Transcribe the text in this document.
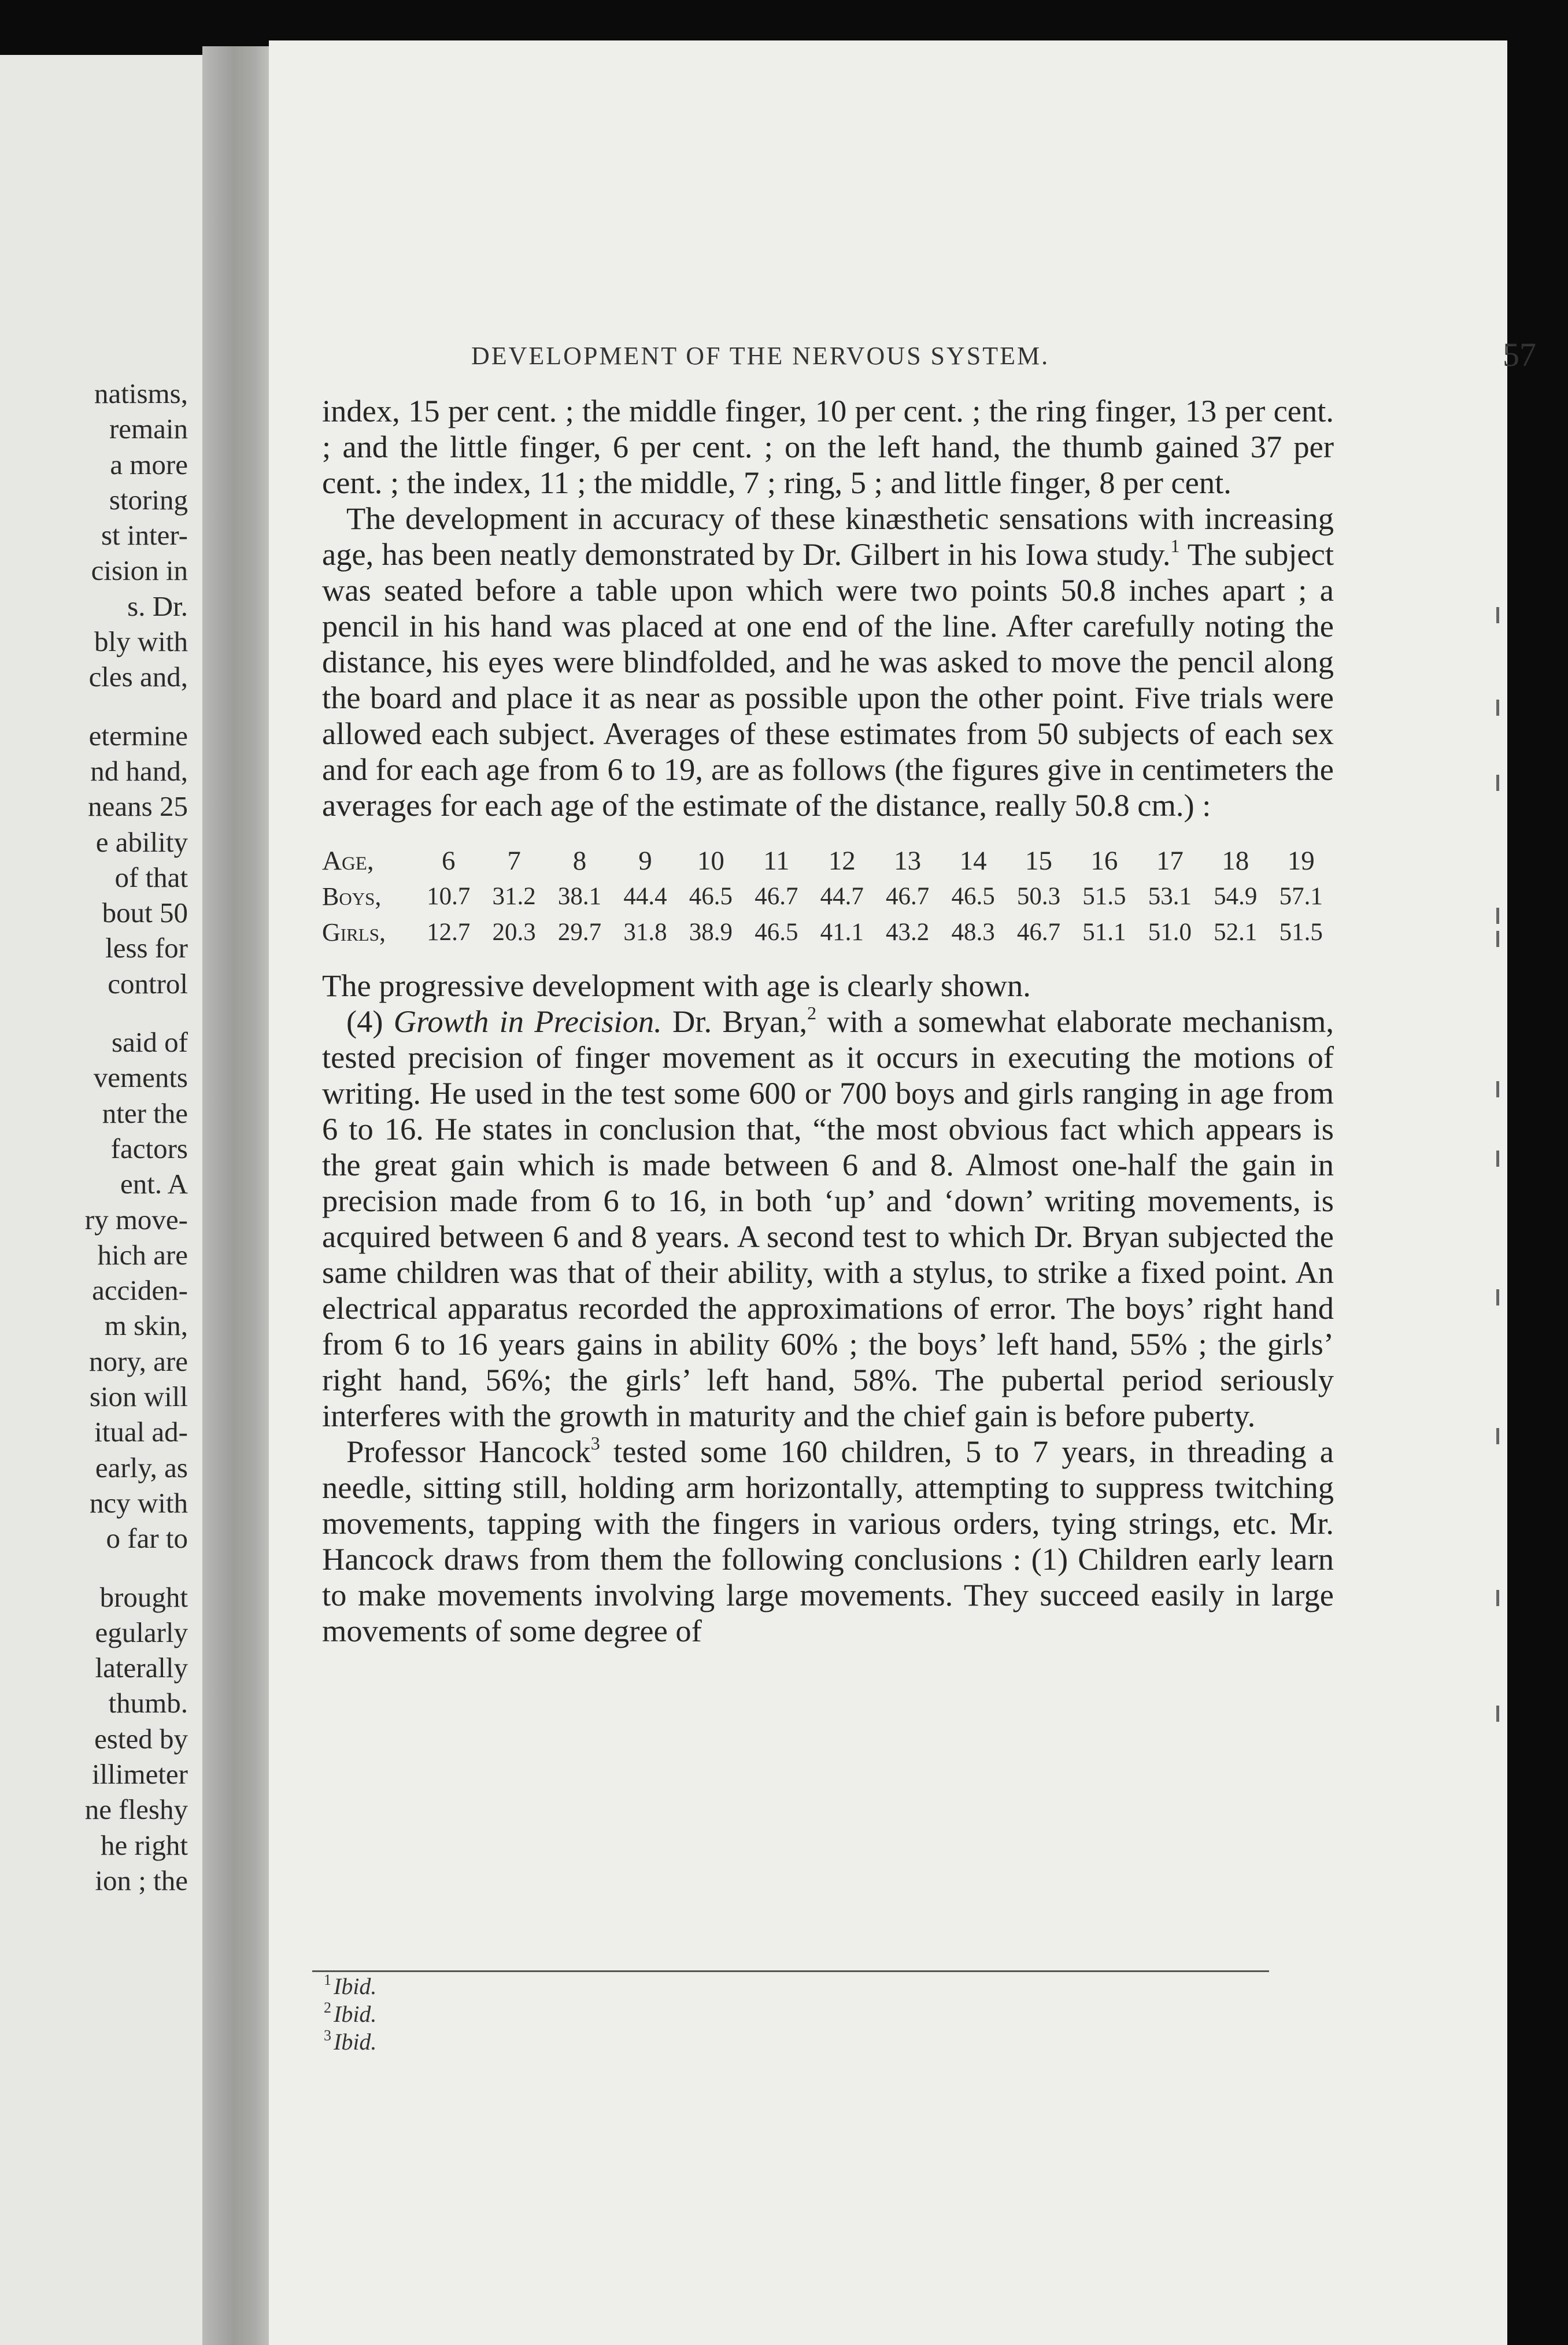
natisms,
remain
a more
storing
st inter-
cision in
s. Dr.
bly with
cles and,
etermine
nd hand,
neans 25
e ability
of that
bout 50
less for
control
said of
vements
nter the
factors
ent. A
ry move-
hich are
acciden-
m skin,
nory, are
sion will
itual ad-
early, as
ncy with
o far to
brought
egularly
laterally
thumb.
ested by
illimeter
ne fleshy
he right
ion ; the
DEVELOPMENT OF THE NERVOUS SYSTEM.	57

index, 15 per cent. ; the middle finger, 10 per cent. ; the ring finger, 13 per cent. ; and the little finger, 6 per cent. ; on the left hand, the thumb gained 37 per cent. ; the index, 11 ; the middle, 7 ; ring, 5 ; and little finger, 8 per cent.

The development in accuracy of these kinæsthetic sensations with increasing age, has been neatly demonstrated by Dr. Gilbert in his Iowa study.$^1$ The subject was seated before a table upon which were two points 50.8 inches apart ; a pencil in his hand was placed at one end of the line. After carefully noting the distance, his eyes were blindfolded, and he was asked to move the pencil along the board and place it as near as possible upon the other point. Five trials were allowed each subject. Averages of these estimates from 50 subjects of each sex and for each age from 6 to 19, are as follows (the figures give in centimeters the averages for each age of the estimate of the distance, really 50.8 cm.) :

Age,	6	7	8	9	10	11	12	13	14	15	16	17	18	19
Boys,	10.7	31.2	38.1	44.4	46.5	46.7	44.7	46.7	46.5	50.3	51.5	53.1	54.9	57.1
Girls,	12.7	20.3	29.7	31.8	38.9	46.5	41.1	43.2	48.3	46.7	51.1	51.0	52.1	51.5

The progressive development with age is clearly shown.

(4) Growth in Precision. Dr. Bryan,$^2$ with a somewhat elaborate mechanism, tested precision of finger movement as it occurs in executing the motions of writing. He used in the test some 600 or 700 boys and girls ranging in age from 6 to 16. He states in conclusion that, “the most obvious fact which appears is the great gain which is made between 6 and 8. Almost one-half the gain in precision made from 6 to 16, in both ‘up’ and ‘down’ writing movements, is acquired between 6 and 8 years. A second test to which Dr. Bryan subjected the same children was that of their ability, with a stylus, to strike a fixed point. An electrical apparatus recorded the approximations of error. The boys’ right hand from 6 to 16 years gains in ability 60% ; the boys’ left hand, 55% ; the girls’ right hand, 56%; the girls’ left hand, 58%. The pubertal period seriously interferes with the growth in maturity and the chief gain is before puberty.

Professor Hancock$^3$ tested some 160 children, 5 to 7 years, in threading a needle, sitting still, holding arm horizontally, attempting to suppress twitching movements, tapping with the fingers in various orders, tying strings, etc. Mr. Hancock draws from them the following conclusions : (1) Children early learn to make movements involving large movements. They succeed easily in large movements of some degree of

$^1$ Ibid.
$^2$ Ibid.
$^3$ Ibid.
